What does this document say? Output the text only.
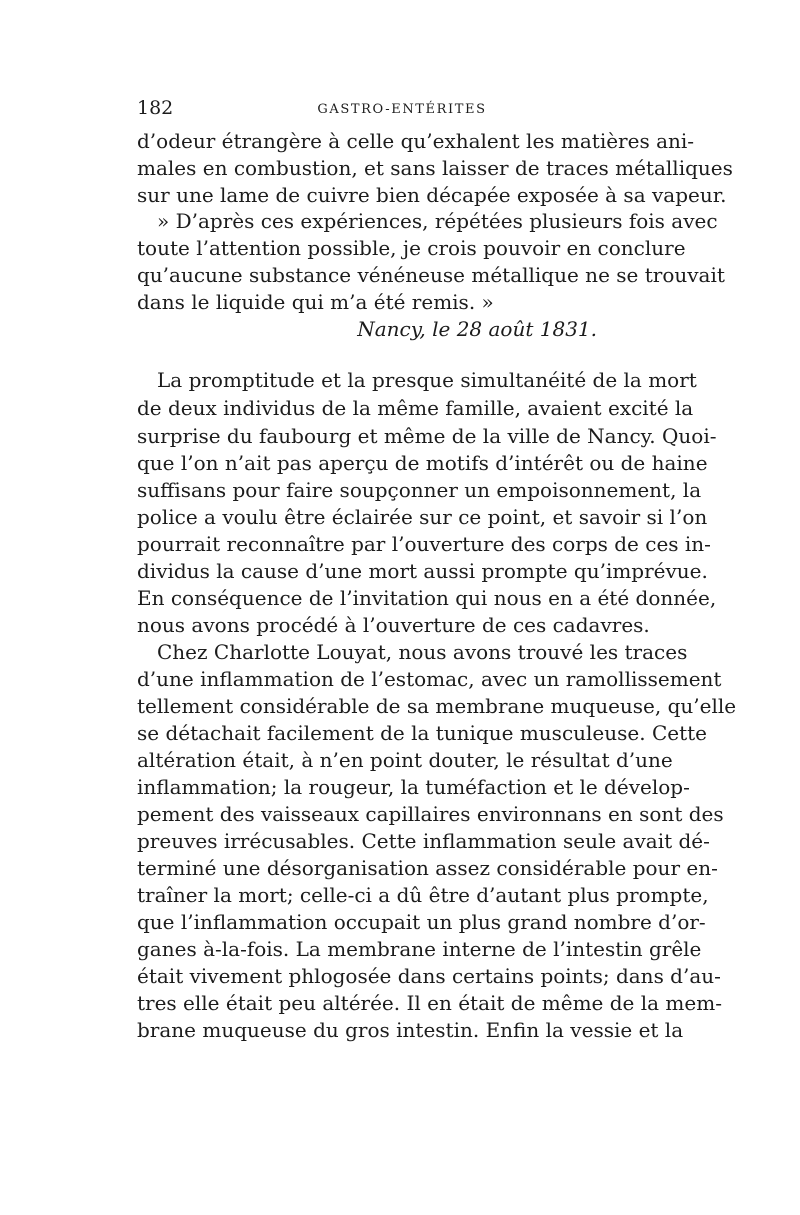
182	GASTRO-ENTÉRITES
d’odeur étrangère à celle qu’exhalent les matières ani-
males en combustion, et sans laisser de traces métalliques
sur une lame de cuivre bien décapée exposée à sa vapeur.
» D’après ces expériences, répétées plusieurs fois avec
toute l’attention possible, je crois pouvoir en conclure
qu’aucune substance vénéneuse métallique ne se trouvait
dans le liquide qui m’a été remis. »
Nancy, le 28 août 1831.
La promptitude et la presque simultanéité de la mort
de deux individus de la même famille, avaient excité la
surprise du faubourg et même de la ville de Nancy. Quoi-
que l’on n’ait pas aperçu de motifs d’intérêt ou de haine
suffisans pour faire soupçonner un empoisonnement, la
police a voulu être éclairée sur ce point, et savoir si l’on
pourrait reconnaître par l’ouverture des corps de ces in-
dividus la cause d’une mort aussi prompte qu’imprévue.
En conséquence de l’invitation qui nous en a été donnée,
nous avons procédé à l’ouverture de ces cadavres.
Chez Charlotte Louyat, nous avons trouvé les traces
d’une inflammation de l’estomac, avec un ramollissement
tellement considérable de sa membrane muqueuse, qu’elle
se détachait facilement de la tunique musculeuse. Cette
altération était, à n’en point douter, le résultat d’une
inflammation; la rougeur, la tuméfaction et le dévelop-
pement des vaisseaux capillaires environnans en sont des
preuves irrécusables. Cette inflammation seule avait dé-
terminé une désorganisation assez considérable pour en-
traîner la mort; celle-ci a dû être d’autant plus prompte,
que l’inflammation occupait un plus grand nombre d’or-
ganes à-la-fois. La membrane interne de l’intestin grêle
était vivement phlogosée dans certains points; dans d’au-
tres elle était peu altérée. Il en était de même de la mem-
brane muqueuse du gros intestin. Enfin la vessie et la
